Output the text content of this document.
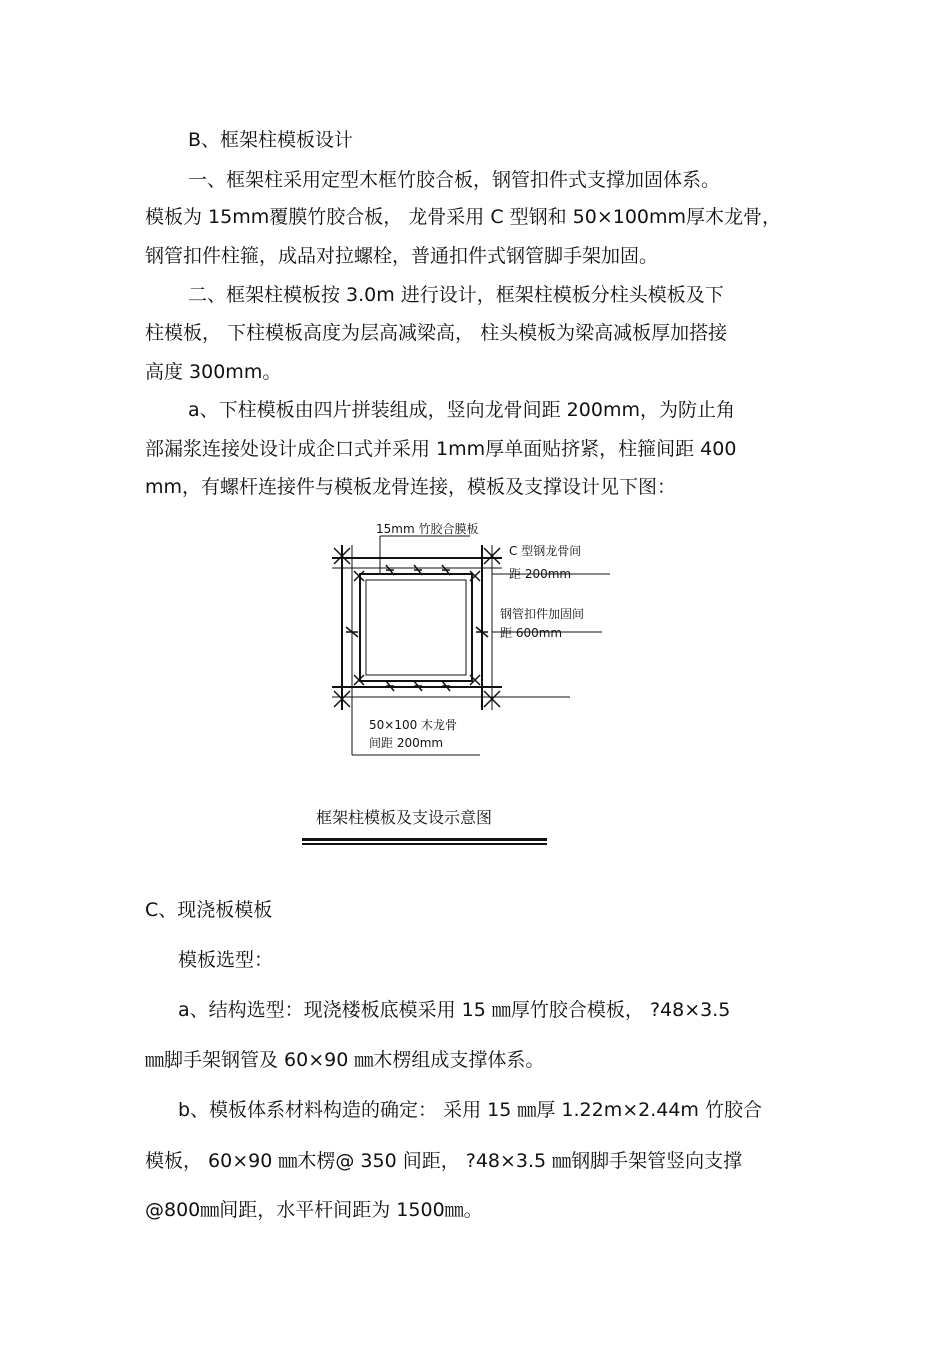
B、框架柱模板设计
一、框架柱采用定型木框竹胶合板，钢管扣件式支撑加固体系。
模板为 15mm覆膜竹胶合板， 龙骨采用 C 型钢和 50×100mm厚木龙骨，
钢管扣件柱箍，成品对拉螺栓，普通扣件式钢管脚手架加固。
二、框架柱模板按 3.0m 进行设计，框架柱模板分柱头模板及下
柱模板， 下柱模板高度为层高减梁高， 柱头模板为梁高减板厚加搭接
高度 300mm。
a、下柱模板由四片拼装组成，竖向龙骨间距 200mm，为防止角
部漏浆连接处设计成企口式并采用 1mm厚单面贴挤紧，柱箍间距 400
mm，有螺杆连接件与模板龙骨连接，模板及支撑设计见下图：
15mm 竹胶合膜板
C 型钢龙骨间
距 200mm
钢管扣件加固间
距 600mm
50×100 木龙骨
间距 200mm
框架柱模板及支设示意图
C、现浇板模板
模板选型：
a、结构选型：现浇楼板底模采用 15 ㎜厚竹胶合模板， ?48×3.5
㎜脚手架钢管及 60×90 ㎜木楞组成支撑体系。
b、模板体系材料构造的确定： 采用 15 ㎜厚 1.22m×2.44m 竹胶合
模板， 60×90 ㎜木楞@ 350 间距， ?48×3.5 ㎜钢脚手架管竖向支撑
@800㎜间距，水平杆间距为 1500㎜。
